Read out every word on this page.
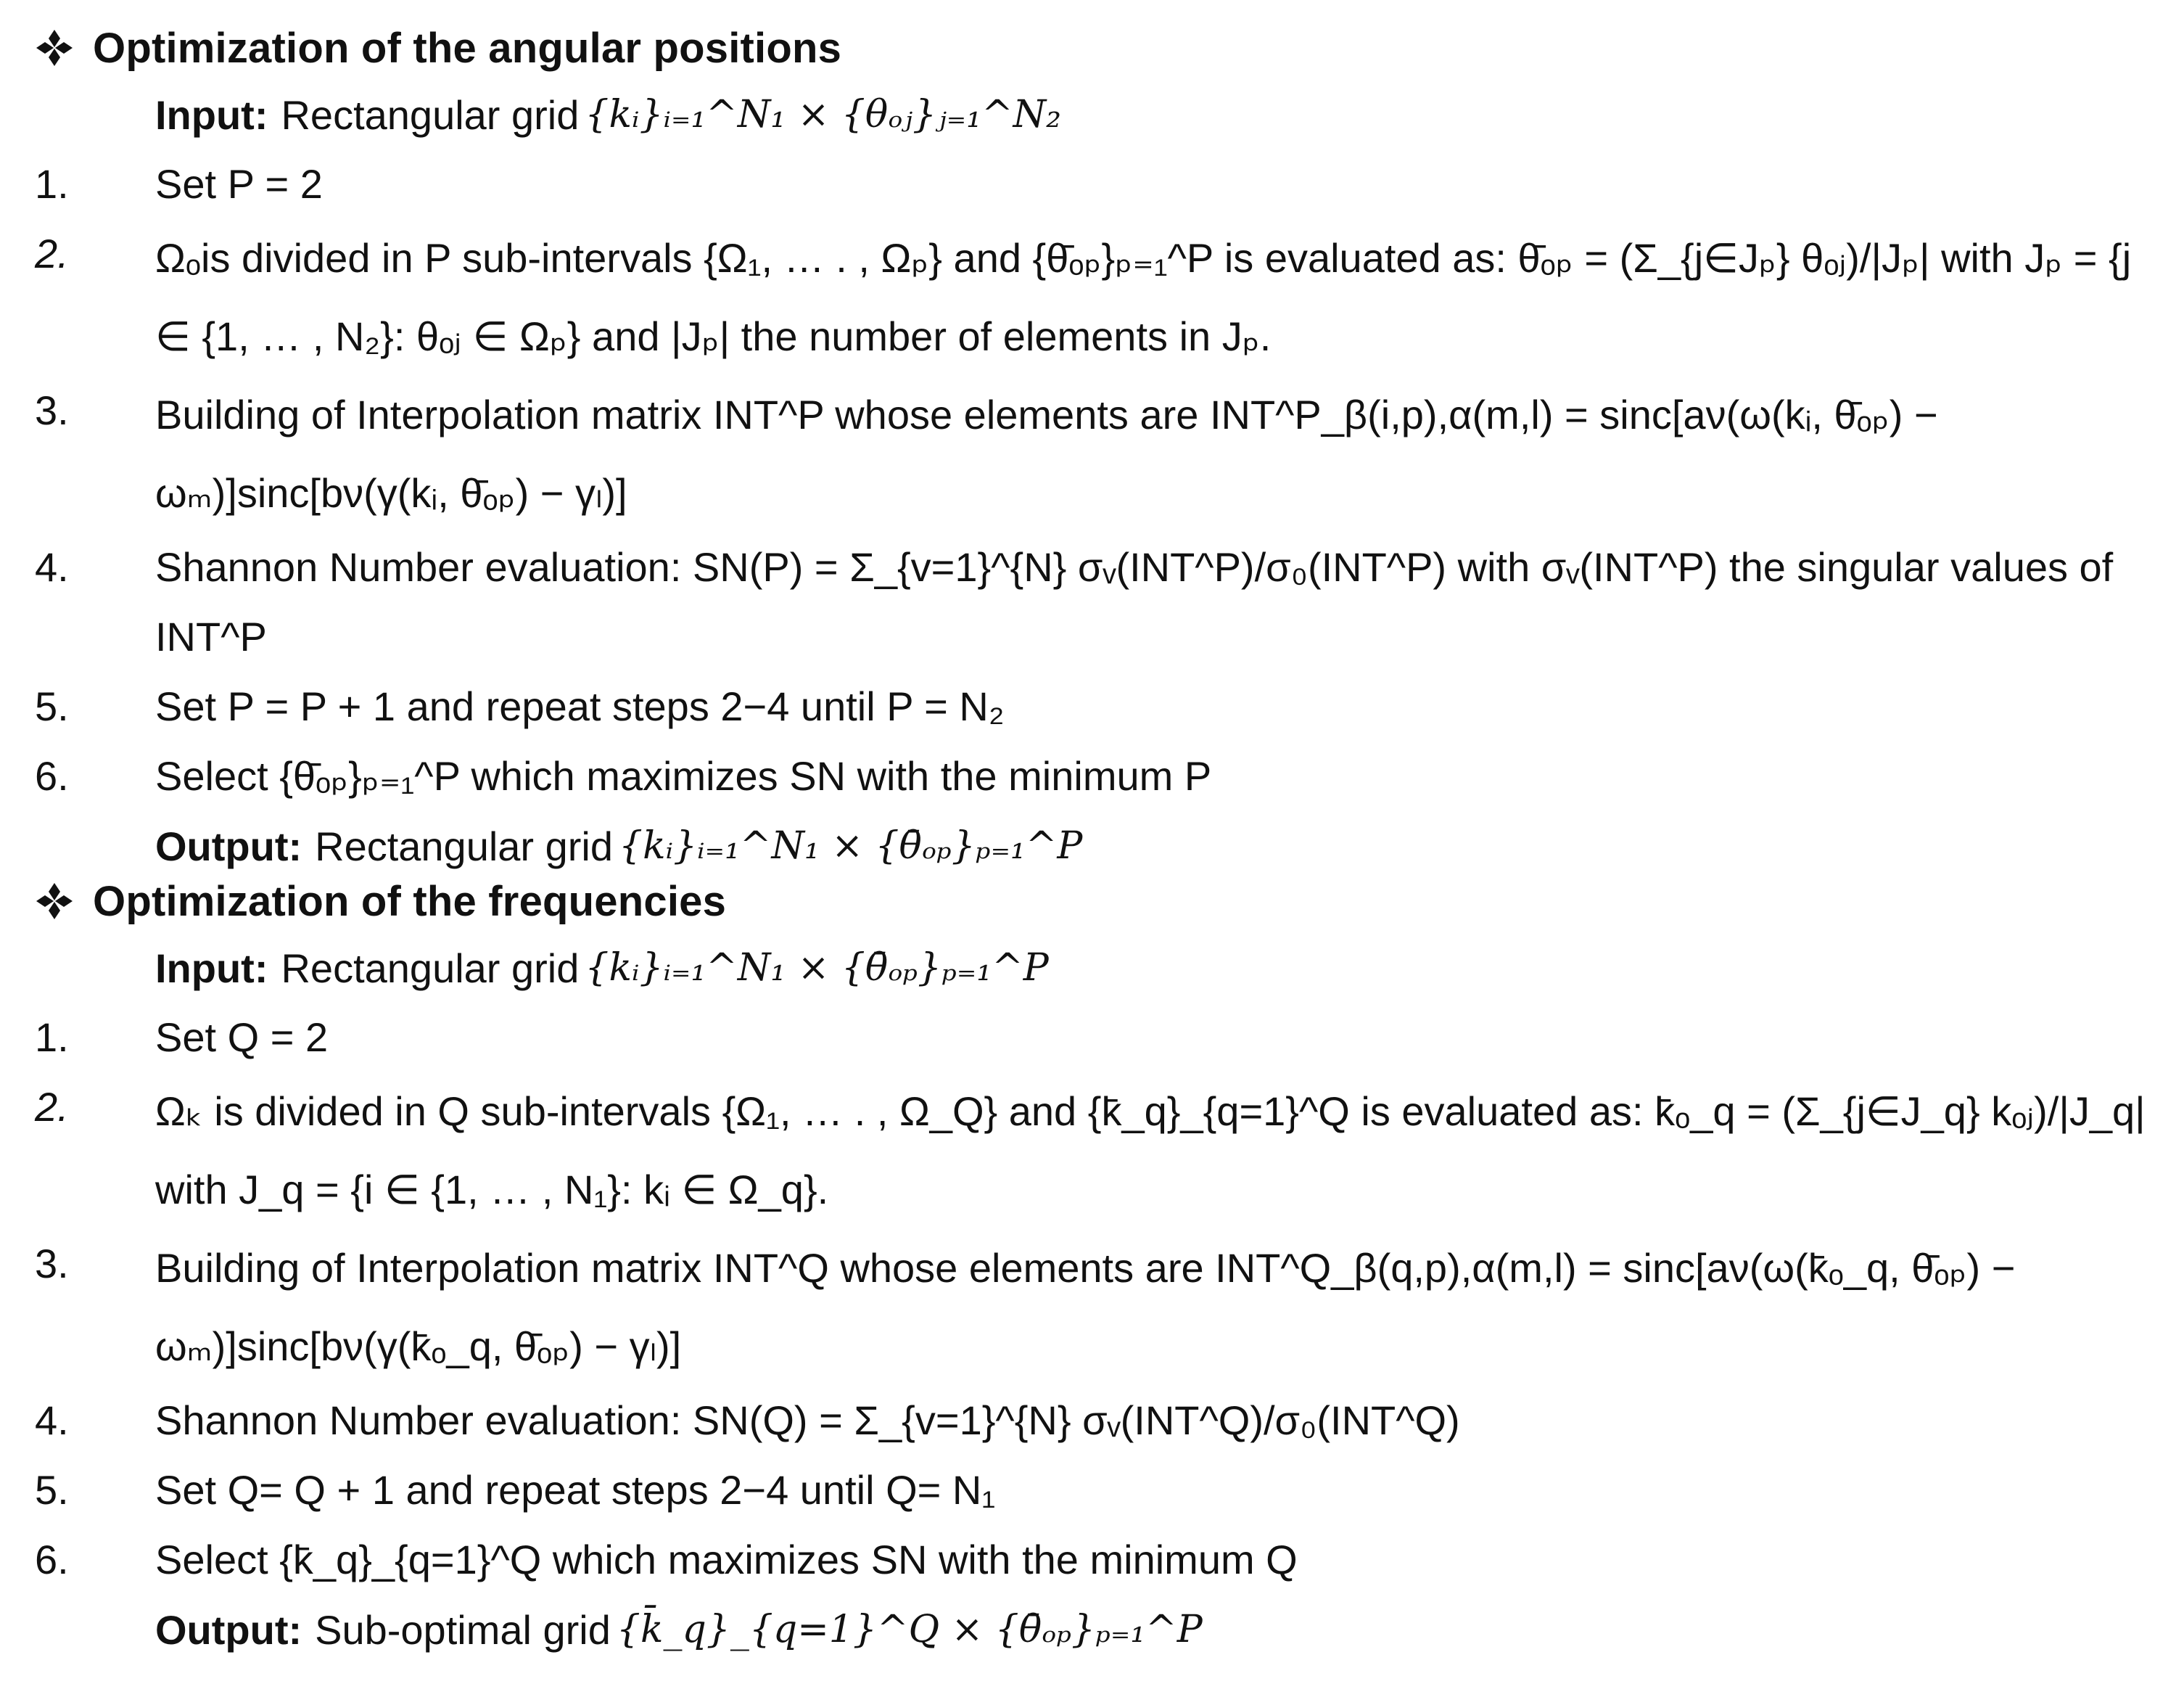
Optimization of the angular positions
Input: Rectangular grid {kᵢ}ᵢ₌₁^N₁ × {θₒⱼ}ⱼ₌₁^N₂
1.	Set P = 2
2.	Ωₒis divided in P sub-intervals {Ω₁, … . , Ωₚ} and {θ̄ₒₚ}ₚ₌₁^P is evaluated as: θ̄ₒₚ = (Σ_{j∈Jₚ} θₒⱼ)/|Jₚ| with Jₚ = {j ∈ {1, … , N₂}: θₒⱼ ∈ Ωₚ} and |Jₚ| the number of elements in Jₚ.
3.	Building of Interpolation matrix INT^P whose elements are INT^P_β(i,p),α(m,l) = sinc[aν(ω(kᵢ, θ̄ₒₚ) − ωₘ)]sinc[bν(γ(kᵢ, θ̄ₒₚ) − γₗ)]
4.	Shannon Number evaluation: SN(P) = Σ_{v=1}^{N} σᵥ(INT^P)/σ₀(INT^P) with σᵥ(INT^P) the singular values of INT^P
5.	Set P = P + 1 and repeat steps 2−4 until P = N₂
6.	Select {θ̄ₒₚ}ₚ₌₁^P which maximizes SN with the minimum P
Output: Rectangular grid {kᵢ}ᵢ₌₁^N₁ × {θ̄ₒₚ}ₚ₌₁^P
Optimization of the frequencies
Input: Rectangular grid {kᵢ}ᵢ₌₁^N₁ × {θ̄ₒₚ}ₚ₌₁^P
1.	Set Q = 2
2.	Ωₖ is divided in Q sub-intervals {Ω₁, … . , Ω_Q} and {k̄_q}_{q=1}^Q is evaluated as: k̄ₒ_q = (Σ_{j∈J_q} kₒⱼ)/|J_q| with J_q = {i ∈ {1, … , N₁}: kᵢ ∈ Ω_q}.
3.	Building of Interpolation matrix INT^Q whose elements are INT^Q_β(q,p),α(m,l) = sinc[aν(ω(k̄ₒ_q, θ̄ₒₚ) − ωₘ)]sinc[bν(γ(k̄ₒ_q, θ̄ₒₚ) − γₗ)]
4.	Shannon Number evaluation: SN(Q) = Σ_{v=1}^{N} σᵥ(INT^Q)/σ₀(INT^Q)
5.	Set Q= Q + 1 and repeat steps 2−4 until Q= N₁
6.	Select {k̄_q}_{q=1}^Q which maximizes SN with the minimum Q
Output: Sub-optimal grid {k̄_q}_{q=1}^Q × {θ̄ₒₚ}ₚ₌₁^P
